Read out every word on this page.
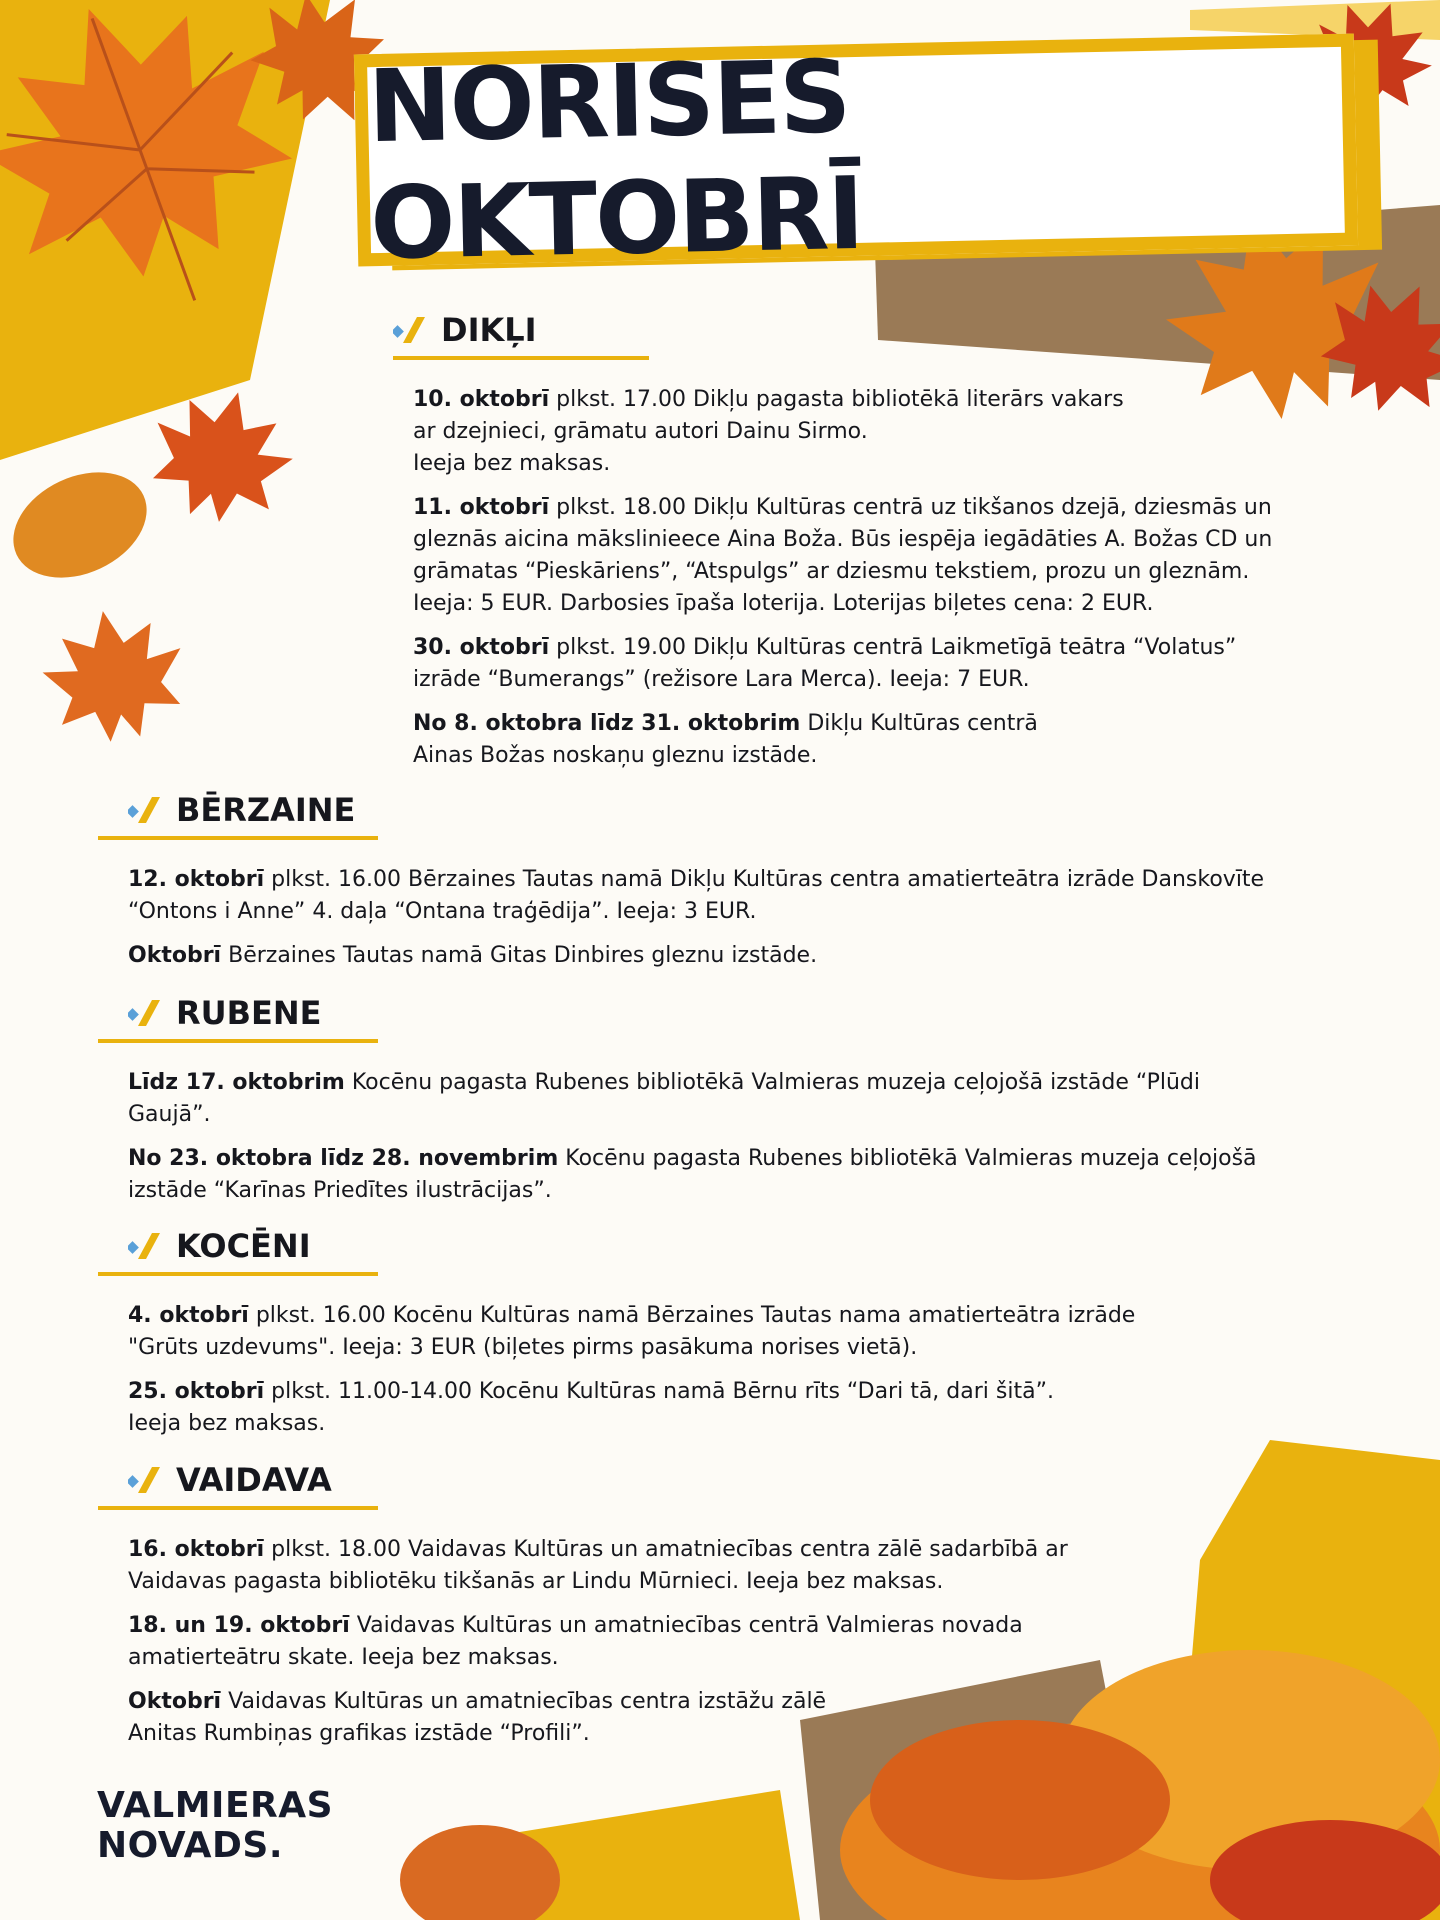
NORISES OKTOBRĪ
DIKĻI

10. oktobrī plkst. 17.00 Dikļu pagasta bibliotēkā literārs vakars
ar dzejnieci, grāmatu autori Dainu Sirmo.
Ieeja bez maksas.

11. oktobrī plkst. 18.00 Dikļu Kultūras centrā uz tikšanos dzejā, dziesmās un
gleznās aicina mākslinieece Aina Boža. Būs iespēja iegādāties A. Božas CD un
grāmatas “Pieskāriens”, “Atspulgs” ar dziesmu tekstiem, prozu un gleznām.
Ieeja: 5 EUR. Darbosies īpaša loterija. Loterijas biļetes cena: 2 EUR.

30. oktobrī plkst. 19.00 Dikļu Kultūras centrā Laikmetīgā teātra “Volatus”
izrāde “Bumerangs” (režisore Lara Merca). Ieeja: 7 EUR.

No 8. oktobra līdz 31. oktobrim Dikļu Kultūras centrā
Ainas Božas noskaņu gleznu izstāde.

BĒRZAINE

12. oktobrī plkst. 16.00 Bērzaines Tautas namā Dikļu Kultūras centra amatierteātra izrāde Danskovīte
“Ontons i Anne” 4. daļa “Ontana traģēdija”. Ieeja: 3 EUR.

Oktobrī Bērzaines Tautas namā Gitas Dinbires gleznu izstāde.

RUBENE

Līdz 17. oktobrim Kocēnu pagasta Rubenes bibliotēkā Valmieras muzeja ceļojošā izstāde “Plūdi
Gaujā”.

No 23. oktobra līdz 28. novembrim Kocēnu pagasta Rubenes bibliotēkā Valmieras muzeja ceļojošā
izstāde “Karīnas Priedītes ilustrācijas”.

KOCĒNI

4. oktobrī plkst. 16.00 Kocēnu Kultūras namā Bērzaines Tautas nama amatierteātra izrāde
"Grūts uzdevums". Ieeja: 3 EUR (biļetes pirms pasākuma norises vietā).

25. oktobrī plkst. 11.00-14.00 Kocēnu Kultūras namā Bērnu rīts “Dari tā, dari šitā”.
Ieeja bez maksas.

VAIDAVA

16. oktobrī plkst. 18.00 Vaidavas Kultūras un amatniecības centra zālē sadarbībā ar
Vaidavas pagasta bibliotēku tikšanās ar Lindu Mūrnieci. Ieeja bez maksas.

18. un 19. oktobrī Vaidavas Kultūras un amatniecības centrā Valmieras novada
amatierteātru skate. Ieeja bez maksas.

Oktobrī Vaidavas Kultūras un amatniecības centra izstāžu zālē
Anitas Rumbiņas grafikas izstāde “Profili”.

VALMIERAS
NOVADS.
